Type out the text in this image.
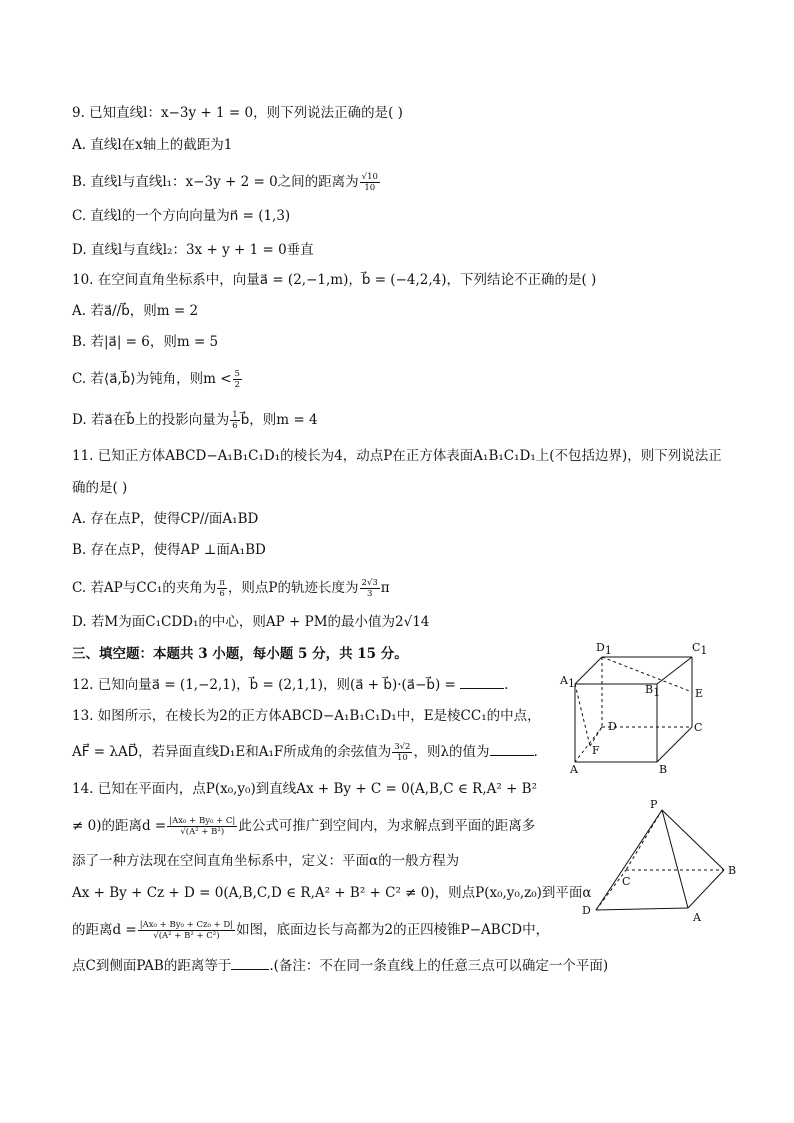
9. 已知直线l：x−3y + 1 = 0，则下列说法正确的是( )
A. 直线l在x轴上的截距为1
B. 直线l与直线l₁：x−3y + 2 = 0之间的距离为 $\frac{√10}{10}$
C. 直线l的一个方向向量为n⃗ = (1,3)
D. 直线l与直线l₂：3x + y + 1 = 0垂直
10. 在空间直角坐标系中，向量a⃗ = (2,−1,m)，b⃗ = (−4,2,4)，下列结论不正确的是( )
A. 若a⃗//b⃗，则m = 2
B. 若|a⃗| = 6，则m = 5
C. 若⟨a⃗,b⃗⟩为钝角，则$m < \frac{5}{2}$
D. 若a⃗在b⃗上的投影向量为 $\frac{1}{6}$ b⃗，则m = 4
11. 已知正方体ABCD−A₁B₁C₁D₁的棱长为4，动点P在正方体表面A₁B₁C₁D₁上(不包括边界)，则下列说法正
确的是( )
A. 存在点P，使得CP//面A₁BD
B. 存在点P，使得AP ⊥面A₁BD
C. 若AP与CC₁的夹角为 $\frac{\pi}{6}$ ，则点P的轨迹长度为 $\frac{2√3}{3}$ π
D. 若M为面C₁CDD₁的中心，则AP + PM的最小值为2√14
三、填空题：本题共 3 小题，每小题 5 分，共 15 分。
12. 已知向量a⃗ = (1,−2,1)，b⃗ = (2,1,1)，则(a⃗ + b⃗)·(a⃗−b⃗) =	.
13. 如图所示，在棱长为2的正方体ABCD−A₁B₁C₁D₁中，E是棱CC₁的中点，
AF⃗ = λAD⃗，若异面直线D₁E和A₁F所成角的余弦值为 $\frac{3√2}{10}$ ，则λ的值为	.
14. 已知在平面内，点P(x₀,y₀)到直线Ax + By + C = 0(A,B,C ∈ R,A² + B²
≠ 0)的距离$d = \frac{\text{|Ax₀ + By₀ + C|}}{\text{√(A² + B²)}}$ 此公式可推广到空间内，为求解点到平面的距离多
添了一种方法现在空间直角坐标系中，定义：平面α的一般方程为
Ax + By + Cz + D = 0(A,B,C,D ∈ R,A² + B² + C² ≠ 0)，则点P(x₀,y₀,z₀)到平面α
的距离$d = \frac{\text{|Ax₀ + By₀ + Cz₀ + D|}}{\text{√(A² + B² + C²)}}$ 如图，底面边长与高都为2的正四棱锥P−ABCD中，
点C到侧面PAB的距离等于	.(备注：不在同一条直线上的任意三点可以确定一个平面)
D1	C1
A1	B1	E
D	C
F
A	B
P
C
B
D
A
